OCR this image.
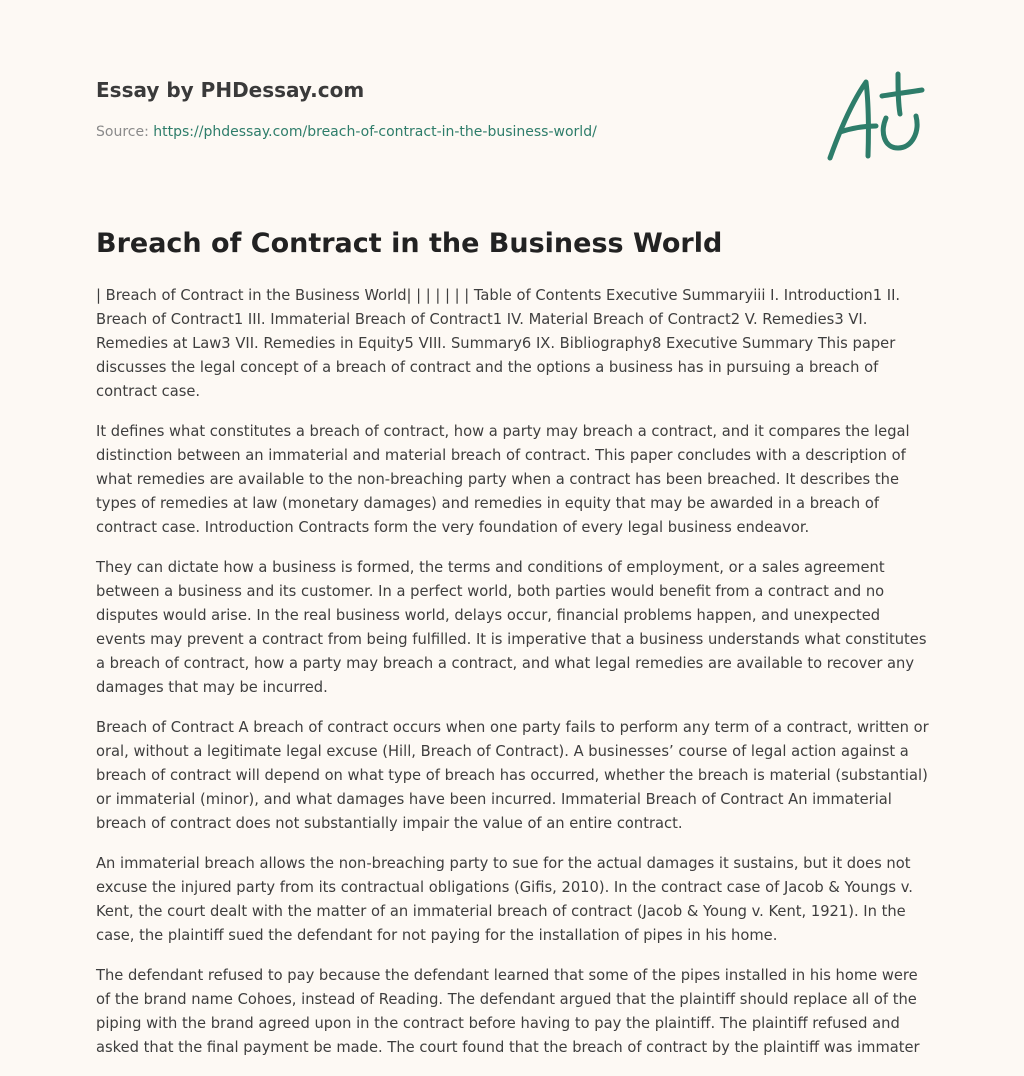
Essay by PHDessay.com
Source: https://phdessay.com/breach-of-contract-in-the-business-world/
Breach of Contract in the Business World

| Breach of Contract in the Business World| | | | | | | Table of Contents Executive Summaryiii I. Introduction1 II. Breach of Contract1 III. Immaterial Breach of Contract1 IV. Material Breach of Contract2 V. Remedies3 VI. Remedies at Law3 VII. Remedies in Equity5 VIII. Summary6 IX. Bibliography8 Executive Summary This paper discusses the legal concept of a breach of contract and the options a business has in pursuing a breach of contract case.

It defines what constitutes a breach of contract, how a party may breach a contract, and it compares the legal distinction between an immaterial and material breach of contract. This paper concludes with a description of what remedies are available to the non-breaching party when a contract has been breached. It describes the types of remedies at law (monetary damages) and remedies in equity that may be awarded in a breach of contract case. Introduction Contracts form the very foundation of every legal business endeavor.

They can dictate how a business is formed, the terms and conditions of employment, or a sales agreement between a business and its customer. In a perfect world, both parties would benefit from a contract and no disputes would arise. In the real business world, delays occur, financial problems happen, and unexpected events may prevent a contract from being fulfilled. It is imperative that a business understands what constitutes a breach of contract, how a party may breach a contract, and what legal remedies are available to recover any damages that may be incurred.

Breach of Contract A breach of contract occurs when one party fails to perform any term of a contract, written or oral, without a legitimate legal excuse (Hill, Breach of Contract). A businesses’ course of legal action against a breach of contract will depend on what type of breach has occurred, whether the breach is material (substantial) or immaterial (minor), and what damages have been incurred. Immaterial Breach of Contract An immaterial breach of contract does not substantially impair the value of an entire contract.

An immaterial breach allows the non-breaching party to sue for the actual damages it sustains, but it does not excuse the injured party from its contractual obligations (Gifis, 2010). In the contract case of Jacob & Youngs v. Kent, the court dealt with the matter of an immaterial breach of contract (Jacob & Young v. Kent, 1921). In the case, the plaintiff sued the defendant for not paying for the installation of pipes in his home.

The defendant refused to pay because the defendant learned that some of the pipes installed in his home were of the brand name Cohoes, instead of Reading. The defendant argued that the plaintiff should replace all of the piping with the brand agreed upon in the contract before having to pay the plaintiff. The plaintiff refused and asked that the final payment be made. The court found that the breach of contract by the plaintiff was immater
